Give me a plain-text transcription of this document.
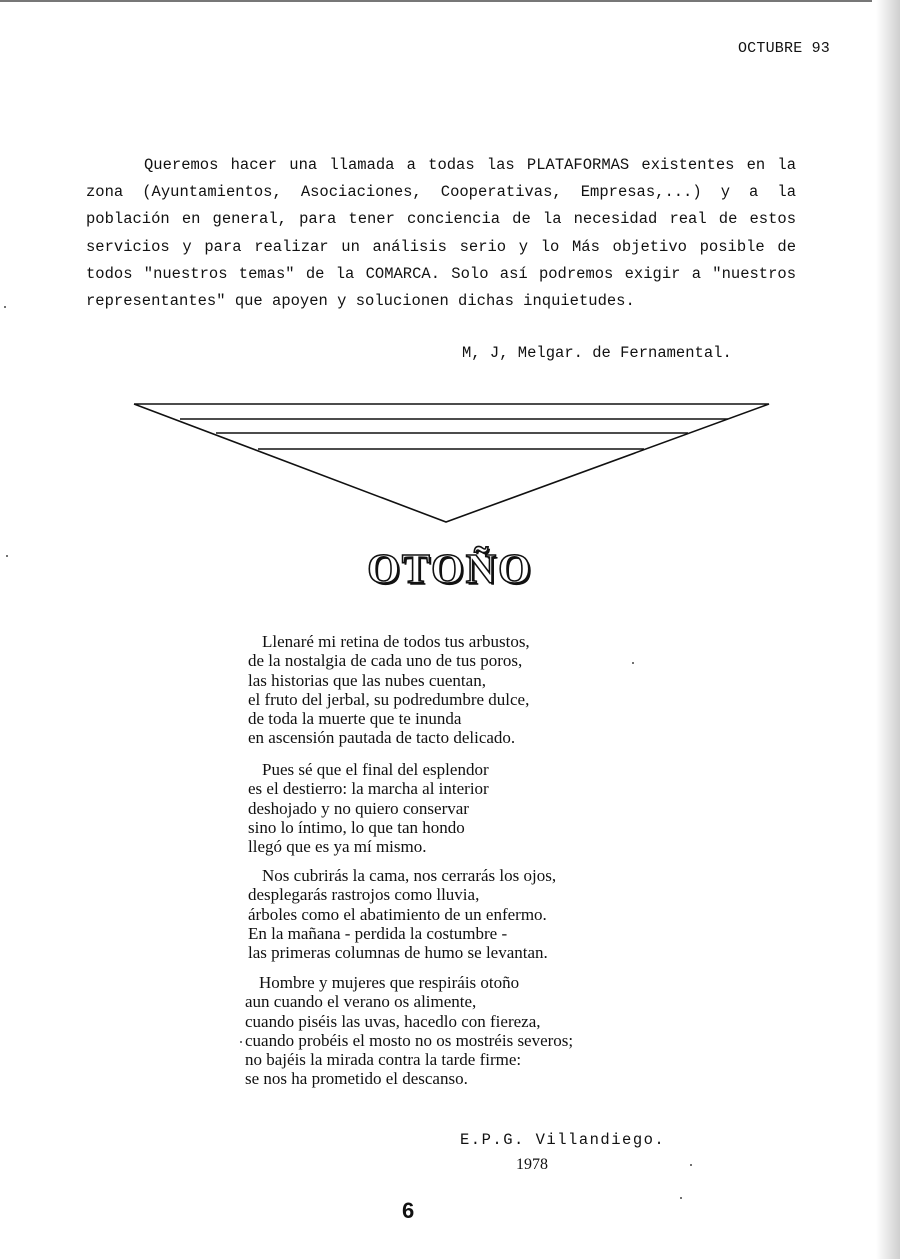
OCTUBRE 93

Queremos hacer una llamada a todas las PLATAFORMAS existentes en la zona (Ayuntamientos, Asociaciones, Cooperativas, Empresas,...) y a la población en general, para tener conciencia de la necesidad real de estos servicios y para realizar un análisis serio y lo Más objetivo posible de todos "nuestros temas" de la COMARCA. Solo así podremos exigir a "nuestros representantes" que apoyen y solucionen dichas inquietudes.

M, J, Melgar. de Fernamental.
OTOÑO
Llenaré mi retina de todos tus arbustos,
de la nostalgia de cada uno de tus poros,
las historias que las nubes cuentan,
el fruto del jerbal, su podredumbre dulce,
de toda la muerte que te inunda
en ascensión pautada de tacto delicado.
Pues sé que el final del esplendor
es el destierro: la marcha al interior
deshojado y no quiero conservar
sino lo íntimo, lo que tan hondo
llegó que es ya mí mismo.
Nos cubrirás la cama, nos cerrarás los ojos,
desplegarás rastrojos como lluvia,
árboles como el abatimiento de un enfermo.
En la mañana - perdida la costumbre -
las primeras columnas de humo se levantan.
Hombre y mujeres que respiráis otoño
aun cuando el verano os alimente,
cuando piséis las uvas, hacedlo con fiereza,
cuando probéis el mosto no os mostréis severos;
no bajéis la mirada contra la tarde firme:
se nos ha prometido el descanso.
E.P.G. Villandiego.
1978
6
